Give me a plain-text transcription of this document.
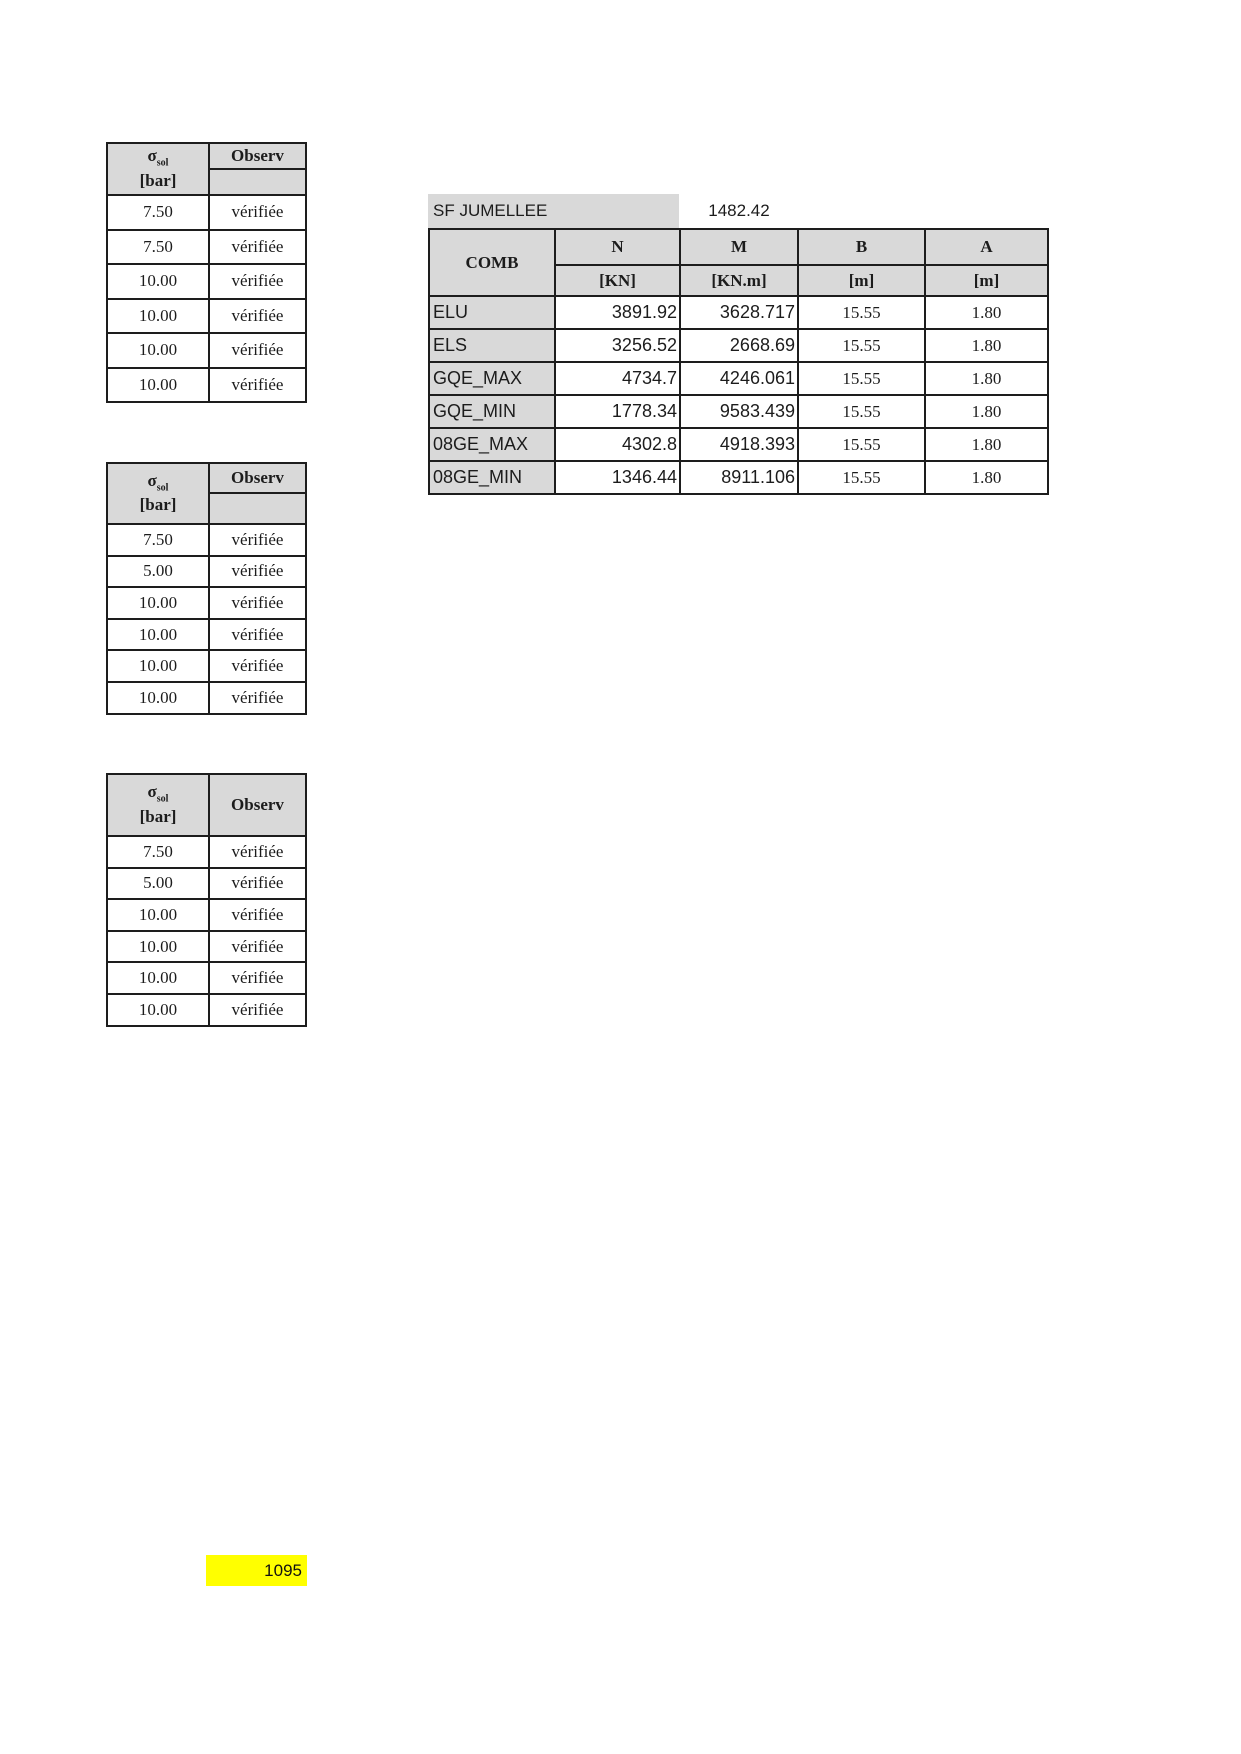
$\sigma_{sol}$
[bar]	Observ

7.50	vérifiée
7.50	vérifiée
10.00	vérifiée
10.00	vérifiée
10.00	vérifiée
10.00	vérifiée
$\sigma_{sol}$
[bar]	Observ

7.50	vérifiée
5.00	vérifiée
10.00	vérifiée
10.00	vérifiée
10.00	vérifiée
10.00	vérifiée
$\sigma_{sol}$
[bar]	Observ
7.50	vérifiée
5.00	vérifiée
10.00	vérifiée
10.00	vérifiée
10.00	vérifiée
10.00	vérifiée
SF JUMELLEE	1482.42
COMB	N	M	B	A
	[KN]	[KN.m]	[m]	[m]
ELU	3891.92	3628.717	15.55	1.80
ELS	3256.52	2668.69	15.55	1.80
GQE_MAX	4734.7	4246.061	15.55	1.80
GQE_MIN	1778.34	9583.439	15.55	1.80
08GE_MAX	4302.8	4918.393	15.55	1.80
08GE_MIN	1346.44	8911.106	15.55	1.80
1095
